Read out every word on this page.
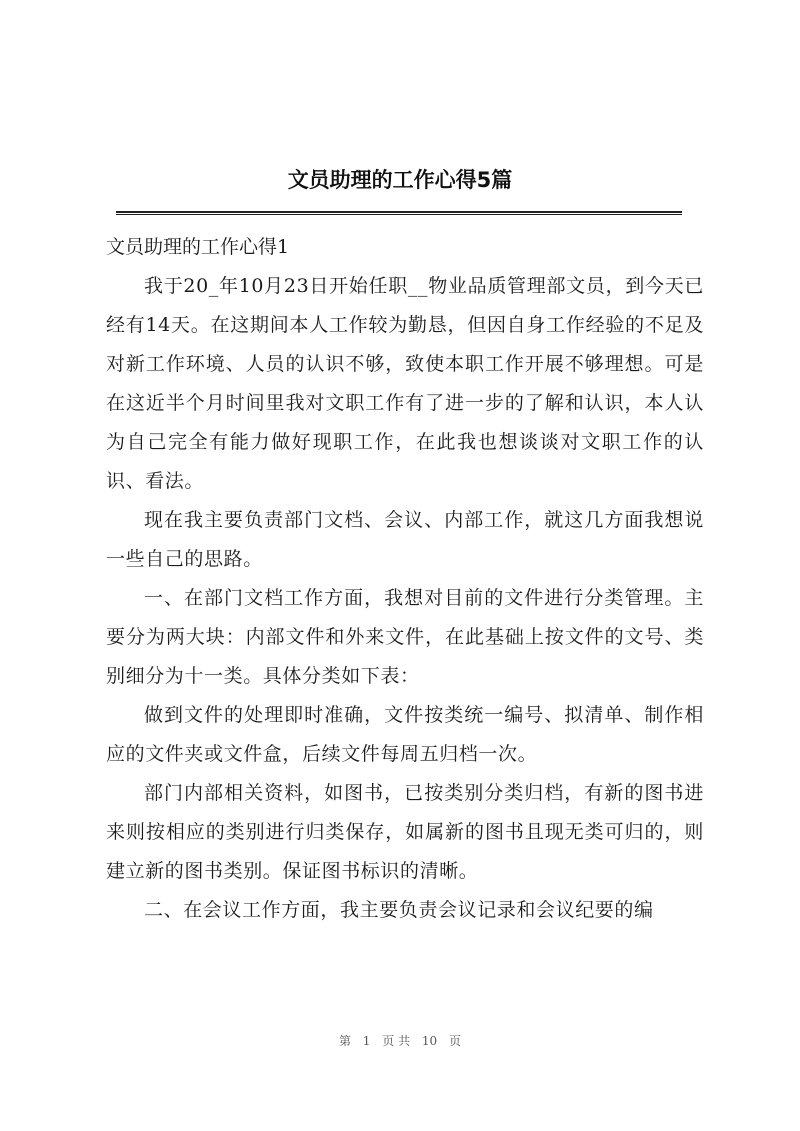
文员助理的工作心得5篇

文员助理的工作心得1

我于20_年10月23日开始任职__物业品质管理部文员，到今天已经有14天。在这期间本人工作较为勤恳，但因自身工作经验的不足及对新工作环境、人员的认识不够，致使本职工作开展不够理想。可是在这近半个月时间里我对文职工作有了进一步的了解和认识，本人认为自己完全有能力做好现职工作，在此我也想谈谈对文职工作的认识、看法。

现在我主要负责部门文档、会议、内部工作，就这几方面我想说一些自己的思路。

一、在部门文档工作方面，我想对目前的文件进行分类管理。主要分为两大块：内部文件和外来文件，在此基础上按文件的文号、类别细分为十一类。具体分类如下表：

做到文件的处理即时准确，文件按类统一编号、拟清单、制作相应的文件夹或文件盒，后续文件每周五归档一次。

部门内部相关资料，如图书，已按类别分类归档，有新的图书进来则按相应的类别进行归类保存，如属新的图书且现无类可归的，则建立新的图书类别。保证图书标识的清晰。

二、在会议工作方面，我主要负责会议记录和会议纪要的编

第 1 页 共 10 页
